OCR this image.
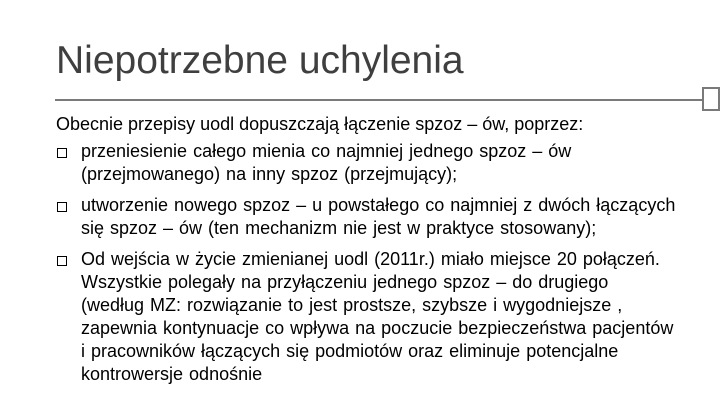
Niepotrzebne uchylenia
Obecnie przepisy uodl dopuszczają łączenie spzoz – ów, poprzez:
przeniesienie całego mienia co najmniej jednego spzoz – ów (przejmowanego) na inny spzoz (przejmujący);
utworzenie nowego spzoz – u powstałego co najmniej z dwóch łączących się spzoz – ów (ten mechanizm nie jest w praktyce stosowany);
Od wejścia w życie zmienianej uodl (2011r.) miało miejsce 20 połączeń. Wszystkie polegały na przyłączeniu jednego spzoz – do drugiego (według MZ: rozwiązanie to jest prostsze, szybsze i wygodniejsze , zapewnia kontynuacje co wpływa na poczucie bezpieczeństwa pacjentów i pracowników łączących się podmiotów oraz eliminuje potencjalne kontrowersje odnośnie
